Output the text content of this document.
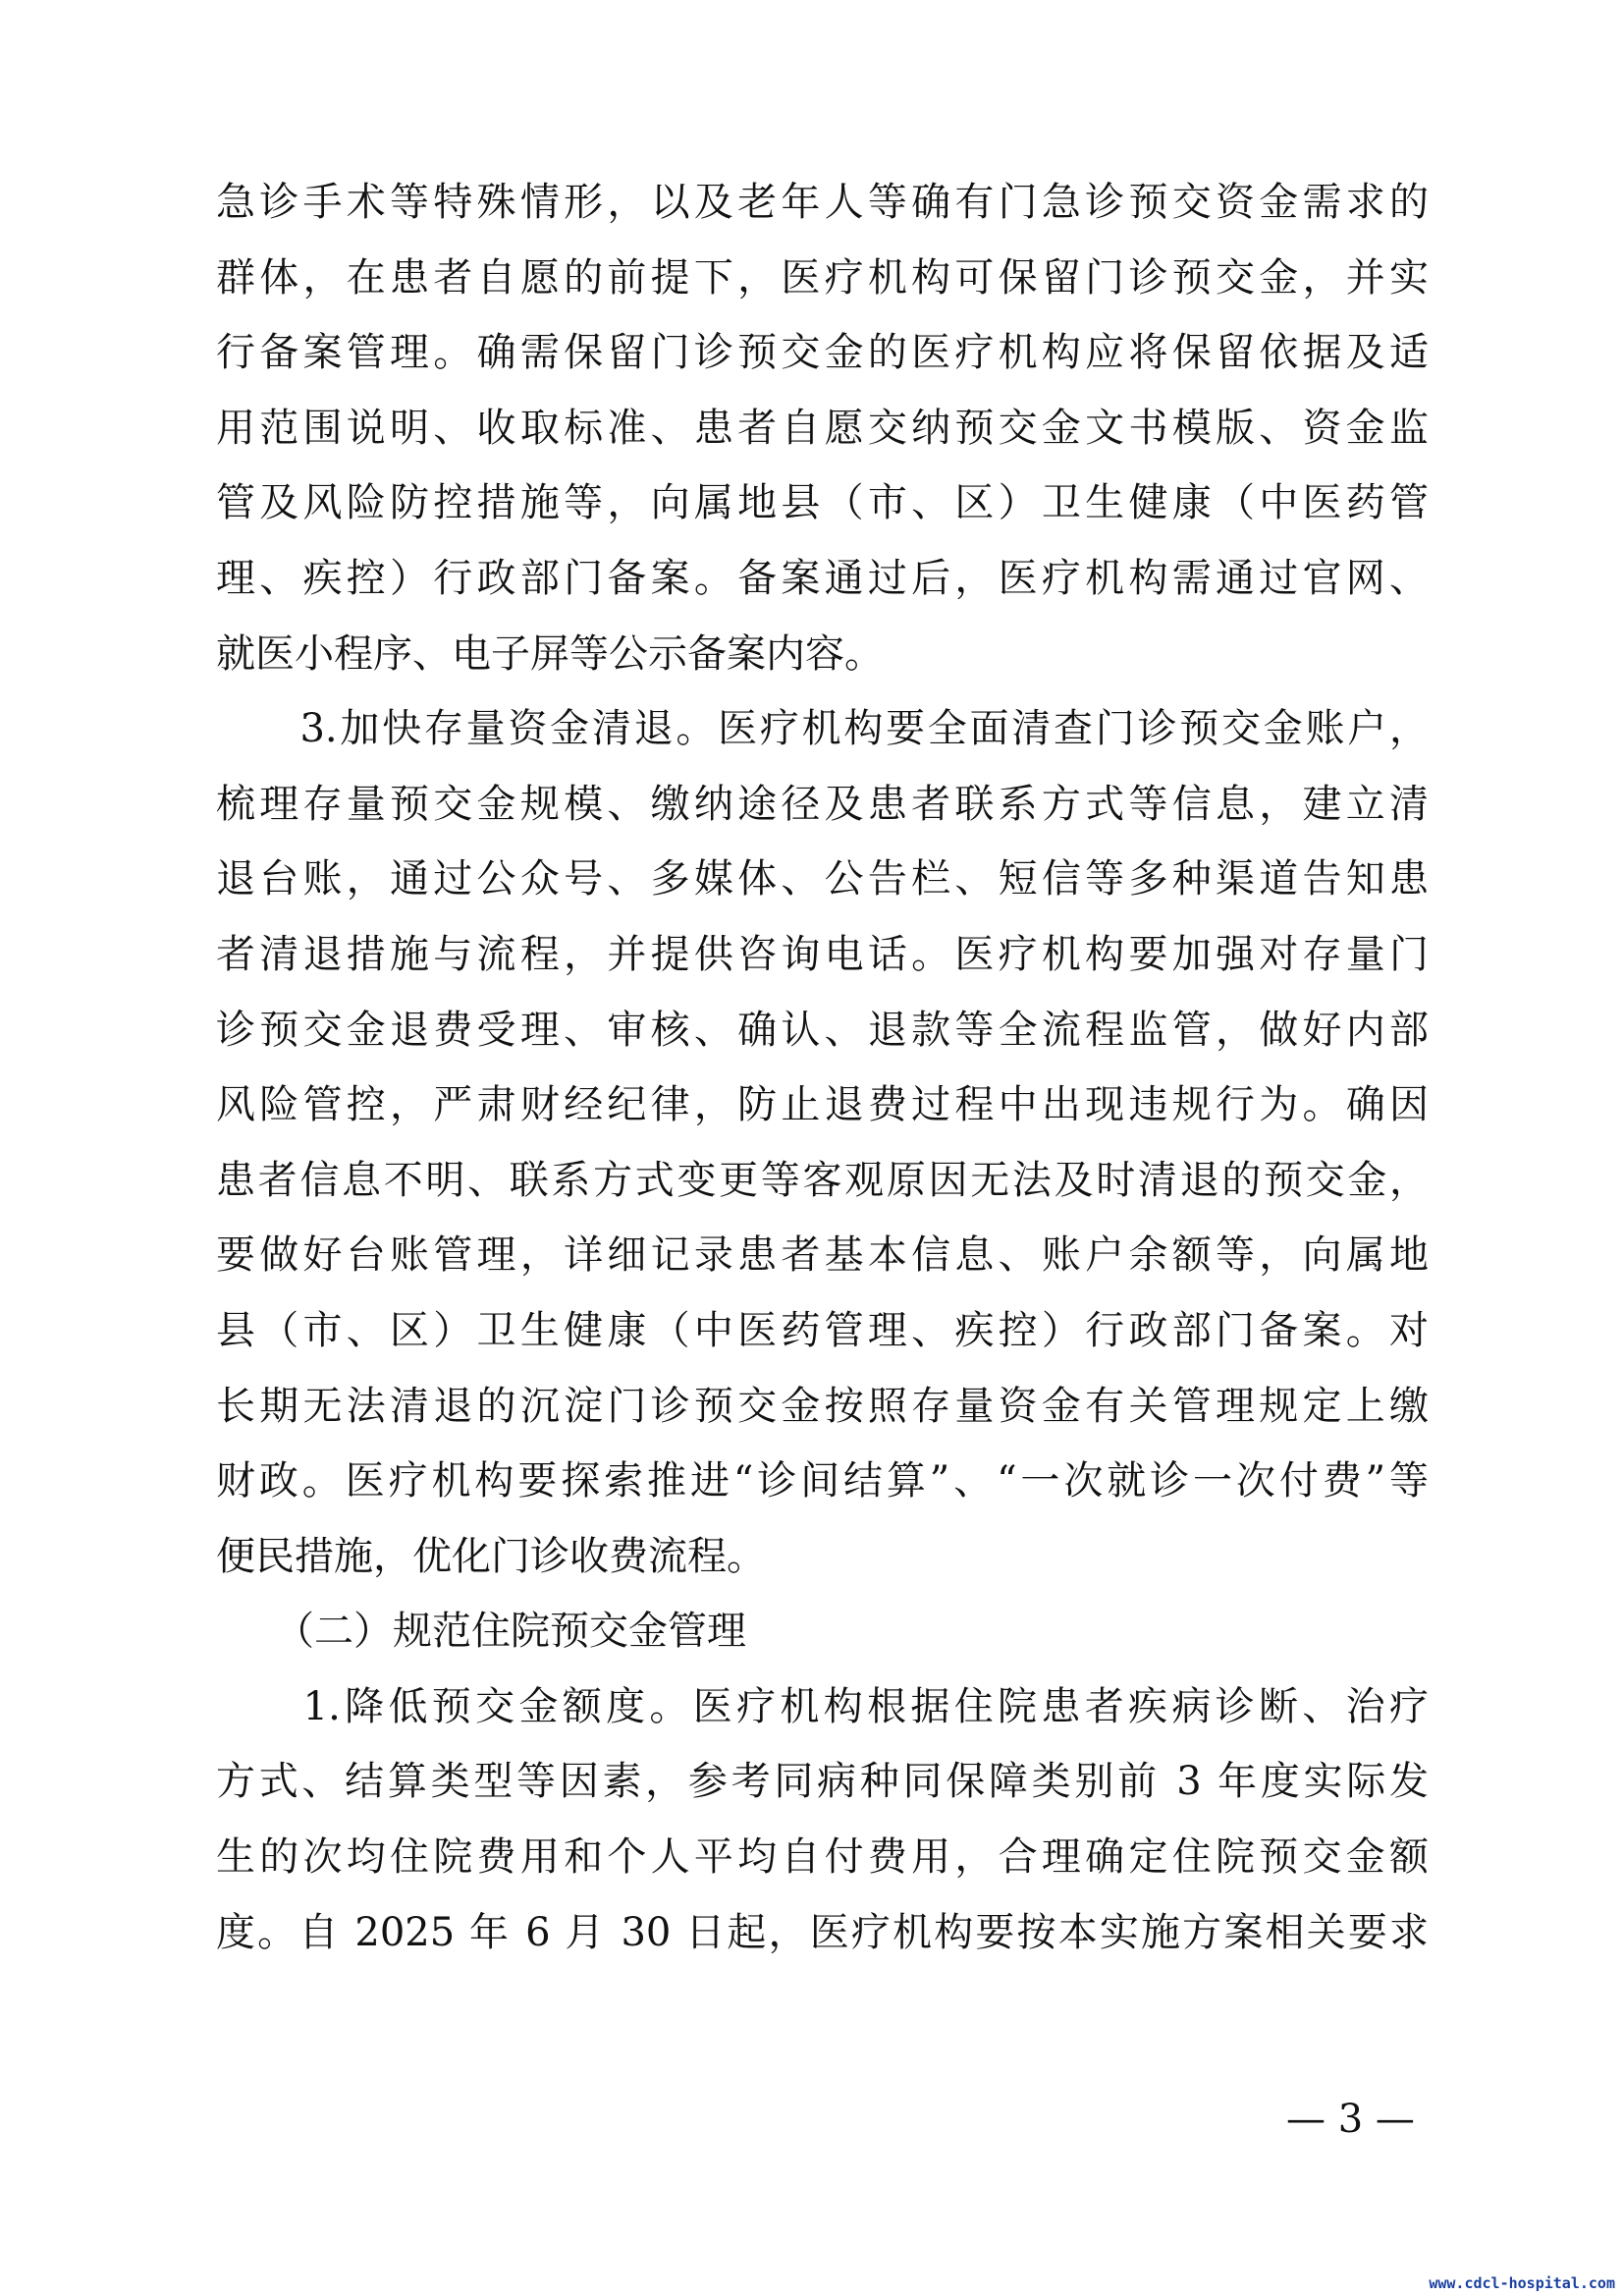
急诊手术等特殊情形，以及老年人等确有门急诊预交资金需求的
群体，在患者自愿的前提下，医疗机构可保留门诊预交金，并实
行备案管理。确需保留门诊预交金的医疗机构应将保留依据及适
用范围说明、收取标准、患者自愿交纳预交金文书模版、资金监
管及风险防控措施等，向属地县（市、区）卫生健康（中医药管
理、疾控）行政部门备案。备案通过后，医疗机构需通过官网、
就医小程序、电子屏等公示备案内容。
　　3.加快存量资金清退。医疗机构要全面清查门诊预交金账户，
梳理存量预交金规模、缴纳途径及患者联系方式等信息，建立清
退台账，通过公众号、多媒体、公告栏、短信等多种渠道告知患
者清退措施与流程，并提供咨询电话。医疗机构要加强对存量门
诊预交金退费受理、审核、确认、退款等全流程监管，做好内部
风险管控，严肃财经纪律，防止退费过程中出现违规行为。确因
患者信息不明、联系方式变更等客观原因无法及时清退的预交金，
要做好台账管理，详细记录患者基本信息、账户余额等，向属地
县（市、区）卫生健康（中医药管理、疾控）行政部门备案。对
长期无法清退的沉淀门诊预交金按照存量资金有关管理规定上缴
财政。医疗机构要探索推进“诊间结算”、“一次就诊一次付费”等
便民措施，优化门诊收费流程。
　　（二）规范住院预交金管理
　　1.降低预交金额度。医疗机构根据住院患者疾病诊断、治疗
方式、结算类型等因素，参考同病种同保障类别前 3 年度实际发
生的次均住院费用和个人平均自付费用，合理确定住院预交金额
度。自 2025 年 6 月 30 日起，医疗机构要按本实施方案相关要求
— 3 —
www.cdcl-hospital.com
